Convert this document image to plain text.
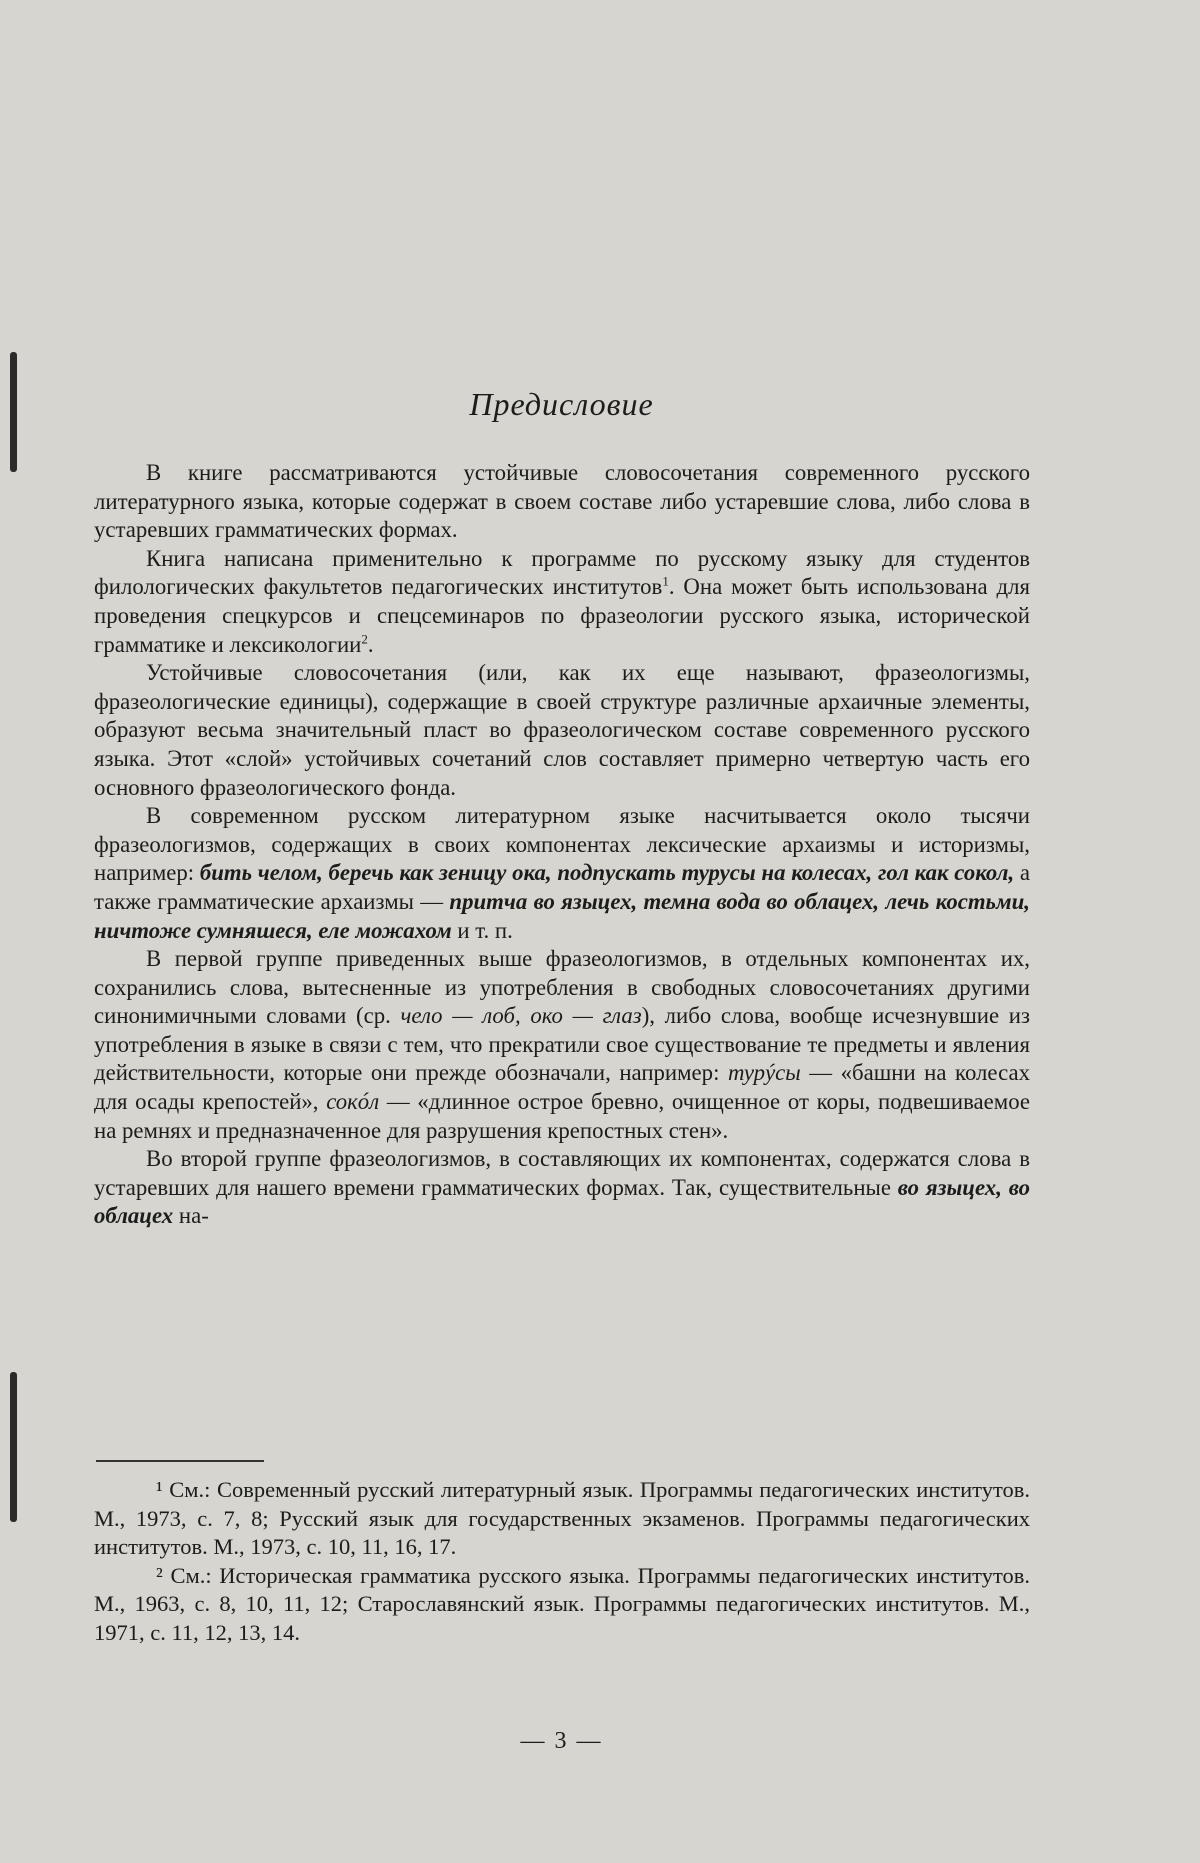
Предисловие

В книге рассматриваются устойчивые словосочетания современного русского литературного языка, которые содержат в своем составе либо устаревшие слова, либо слова в устаревших грамматических формах.

Книга написана применительно к программе по русскому языку для студентов филологических факультетов педагогических институтов$^1$. Она может быть использована для проведения спецкурсов и спецсеминаров по фразеологии русского языка, исторической грамматике и лексикологии$^2$.

Устойчивые словосочетания (или, как их еще называют, фразеологизмы, фразеологические единицы), содержащие в своей структуре различные архаичные элементы, образуют весьма значительный пласт во фразеологическом составе современного русского языка. Этот «слой» устойчивых сочетаний слов составляет примерно четвертую часть его основного фразеологического фонда.

В современном русском литературном языке насчитывается около тысячи фразеологизмов, содержащих в своих компонентах лексические архаизмы и историзмы, например: бить челом, беречь как зеницу ока, подпускать турусы на колесах, гол как сокол, а также грамматические архаизмы — притча во языцех, темна вода во облацех, лечь костьми, ничтоже сумняшеся, еле можахом и т. п.

В первой группе приведенных выше фразеологизмов, в отдельных компонентах их, сохранились слова, вытесненные из употребления в свободных словосочетаниях другими синонимичными словами (ср. чело — лоб, око — глаз), либо слова, вообще исчезнувшие из употребления в языке в связи с тем, что прекратили свое существование те предметы и явления действительности, которые они прежде обозначали, например: турýсы — «башни на колесах для осады крепостей», сокóл — «длинное острое бревно, очищенное от коры, подвешиваемое на ремнях и предназначенное для разрушения крепостных стен».

Во второй группе фразеологизмов, в составляющих их компонентах, содержатся слова в устаревших для нашего времени грамматических формах. Так, существительные во языцех, во облацех на-

¹ См.: Современный русский литературный язык. Программы педагогических институтов. М., 1973, с. 7, 8; Русский язык для государственных экзаменов. Программы педагогических институтов. М., 1973, с. 10, 11, 16, 17.

² См.: Историческая грамматика русского языка. Программы педагогических институтов. М., 1963, с. 8, 10, 11, 12; Старославянский язык. Программы педагогических институтов. М., 1971, с. 11, 12, 13, 14.

— 3 —
